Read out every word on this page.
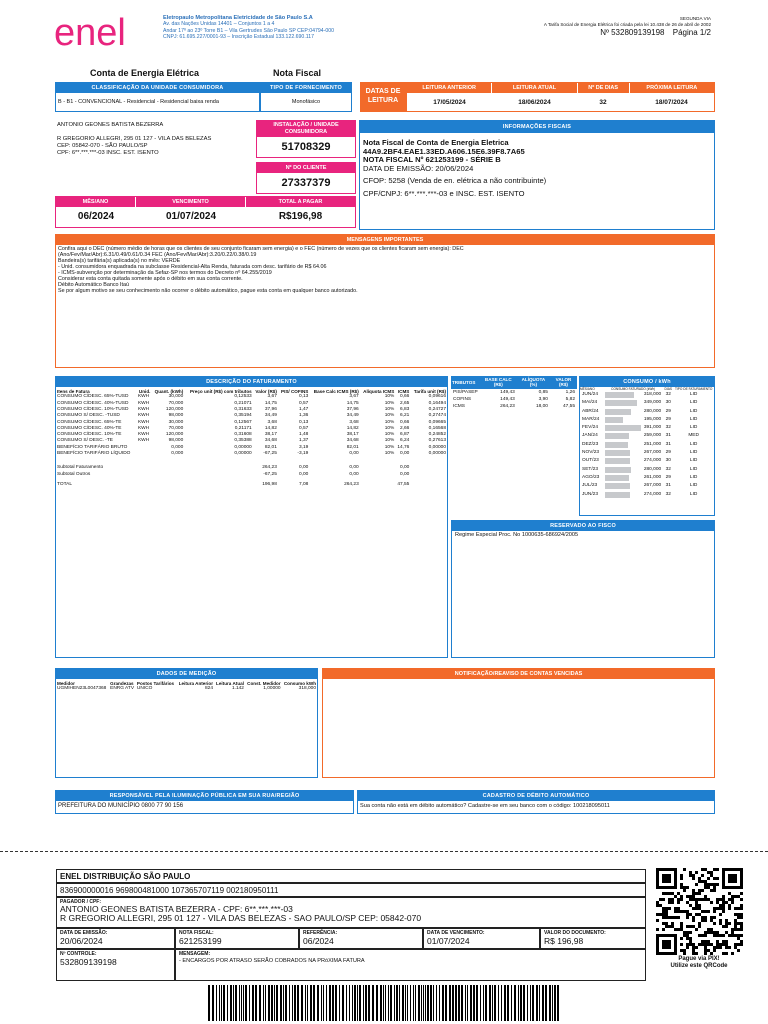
enel	Eletropaulo Metropolitana Eletricidade de São Paulo S.A
Av. das Nações Unidas 14401 – Conjuntos 1 a 4
Andar 17º ao 23º Torre B1 – Vila Gertrudes São Paulo SP CEP:04794-000
CNPJ: 61.695.227/0001-93 – Inscrição Estadual 133.122.690.117
SEGUNDA VIA
A Tarifa Social de Energia Elétrica foi criada pela lei 10.438 de 26 de abril de 2002
Nº 532809139198 Página 1/2
Conta de Energia Elétrica	Nota Fiscal
CLASSIFICAÇÃO DA UNIDADE CONSUMIDORA
B - B1 - CONVENCIONAL - Residencial - Residencial baixa renda
TIPO DE FORNECIMENTO
Monofásico
DATAS DE LEITURA
LEITURA ANTERIOR	LEITURA ATUAL	Nº DE DIAS	PRÓXIMA LEITURA
17/05/2024	18/06/2024	32	18/07/2024
ANTONIO GEONES BATISTA BEZERRA
R GREGORIO ALLEGRI, 295 01 127 - VILA DAS BELEZAS
CEP: 05842-070 - SÃO PAULO/SP
CPF: 6**.***.***-03 INSC. EST. ISENTO
INSTALAÇÃO / UNIDADE CONSUMIDORA
51708329
Nº DO CLIENTE
27337379
MÊS/ANO	VENCIMENTO	TOTAL A PAGAR
06/2024	01/07/2024	R$196,98
INFORMAÇÕES FISCAIS
Nota Fiscal de Conta de Energia Eletrica
44A9.2BF4.EAE1.33ED.A606.15E6.39F8.7A65
NOTA FISCAL Nº 621253199 - SÉRIE B
DATA DE EMISSÃO: 20/06/2024
CFOP: 5258 (Venda de en. elétrica a não contribuinte)
CPF/CNPJ: 6**.***.***-03 e INSC. EST. ISENTO
MENSAGENS IMPORTANTES
Confira aqui o DEC (número médio de horas que os clientes de seu conjunto ficaram sem energia) e o FEC (número de vezes que os clientes ficaram sem energia): DEC
(Ano/Fev/Mar/Abr):6.31/0.49/0.61/0.34 FEC (Ano/Fev/Mar/Abr):3.20/0.22/0.38/0.19
Bandeira(s) tarifária(s) aplicada(s) no mês: VERDE
- Unid. consumidora enquadrada na subclasse Residencial-Alta Renda, faturada com desc. tarifário de R$ 64.06
- ICMS-subvenção por determinação da Sefaz-SP nos termos do Decreto nº 64.255/2019
Considerar esta conta quitada somente após o débito em sua conta corrente.
Débito Automático Banco Itaú
Se por algum motivo se seu conhecimento não ocorrer o débito automático, pague esta conta em qualquer banco autorizado.
DESCRIÇÃO DO FATURAMENTO
Itens de Fatura	Unid.	Quant. (kWh)	Preço unit (R$) com tributos	Valor (R$)	PIS/ COFINS	Base Calc ICMS (R$)	Alíquota ICMS	ICMS	Tarifa unit (R$)
CONSUMO C/DESC. 65%-TUSD	KWH	30,000	0,12533	3,67	0,13	3,67	10%	0,66	0,09616
CONSUMO C/DESC. 40%-TUSD	KWH	70,000	0,21071	14,75	0,57	14,75	10%	2,65	0,16494
CONSUMO C/DESC. 10%-TUSD	KWH	120,000	0,31633	37,96	1,47	37,96	10%	6,83	0,24727
CONSUMO S/ DESC. -TUSD	KWH	98,000	0,35194	34,49	1,36	34,49	10%	6,21	0,27474
CONSUMO C/DESC. 65%-TE	KWH	30,000	0,12567	3,68	0,13	3,68	10%	0,66	0,09665
CONSUMO C/DESC. 40%-TE	KWH	70,000	0,21171	14,82	0,57	14,82	10%	2,66	0,16568
CONSUMO C/DESC. 10%-TE	KWH	120,000	0,31608	38,17	1,48	38,17	10%	6,87	0,24852
CONSUMO S/ DESC. -TE	KWH	98,000	0,35388	34,68	1,37	34,68	10%	6,24	0,27613
BENEFÍCIO TARIFÁRIO BRUTO		0,000	0,00000	82,01	3,19	82,01	10%	14,76	0,00000
BENEFÍCIO TARIFÁRIO LÍQUIDO		0,000	0,00000	-67,25	-3,19	0,00	10%	0,00	0,00000

Subtotal Faturamento				264,23	0,00	0,00		0,00	
Subtotal Outros				-67,25	0,00	0,00		0,00	

TOTAL				196,98	7,08	264,23		47,55	
TRIBUTOS	BASE CALC (R$)	ALÍQUOTA (%)	VALOR (R$)
PIS/PASEP	149,43	0,85	1,26
COFINS	149,43	3,90	5,82
ICMS	264,23	18,00	47,55
CONSUMO / kWh
MÊS/ANO	CONSUMO FATURADO (kWh)	DIAS	TIPO DE FATURAMENTO
JUN/24	318,000	32	LID
MAI/24	349,000	30	LID
ABR/24	280,000	29	LID
MAR/24	195,000	29	LID
FEV/24	391,000	32	LID
JAN/24	259,000	31	MED
DEZ/23	251,000	31	LID
NOV/23	267,000	29	LID
OUT/23	274,000	30	LID
SET/23	280,000	32	LID
AGO/23	261,000	29	LID
JUL/23	267,000	31	LID
JUN/23	274,000	32	LID
RESERVADO AO FISCO
Regime Especial Proc. No 1000635-686924/2005
DADOS DE MEDIÇÃO
Medidor	Grandezas	Postos Tarifários	Leitura Anterior	Leitura Atual	Const. Medidor	Consumo kWh
UGMIHEN23L0047368	ENRG ATV	UNICO	824	1.142	1,00000	318,000
NOTIFICAÇÃO/REAVISO DE CONTAS VENCIDAS
RESPONSÁVEL PELA ILUMINAÇÃO PÚBLICA EM SUA RUA/REGIÃO
PREFEITURA DO MUNICÍPIO 0800 77 90 156
CADASTRO DE DÉBITO AUTOMÁTICO
Sua conta não está em débito automático? Cadastre-se em seu banco com o código: 100218095011
ENEL DISTRIBUIÇÃO SÃO PAULO
836900000016 969800481000 107365707119 002180950111
PAGADOR / CPF:
ANTONIO GEONES BATISTA BEZERRA - CPF: 6**.***.***-03
R GREGORIO ALLEGRI, 295 01 127 - VILA DAS BELEZAS - SAO PAULO/SP CEP: 05842-070
DATA DE EMISSÃO:
20/06/2024
NOTA FISCAL:
621253199
REFERÊNCIA:
06/2024
DATA DE VENCIMENTO:
01/07/2024
VALOR DO DOCUMENTO:
R$ 196,98
Nº CONTROLE:
532809139198
MENSAGEM:
- ENCARGOS POR ATRASO SERÃO COBRADOS NA PRóXIMA FATURA	Pague via PIX!
Utilize este QRCode
